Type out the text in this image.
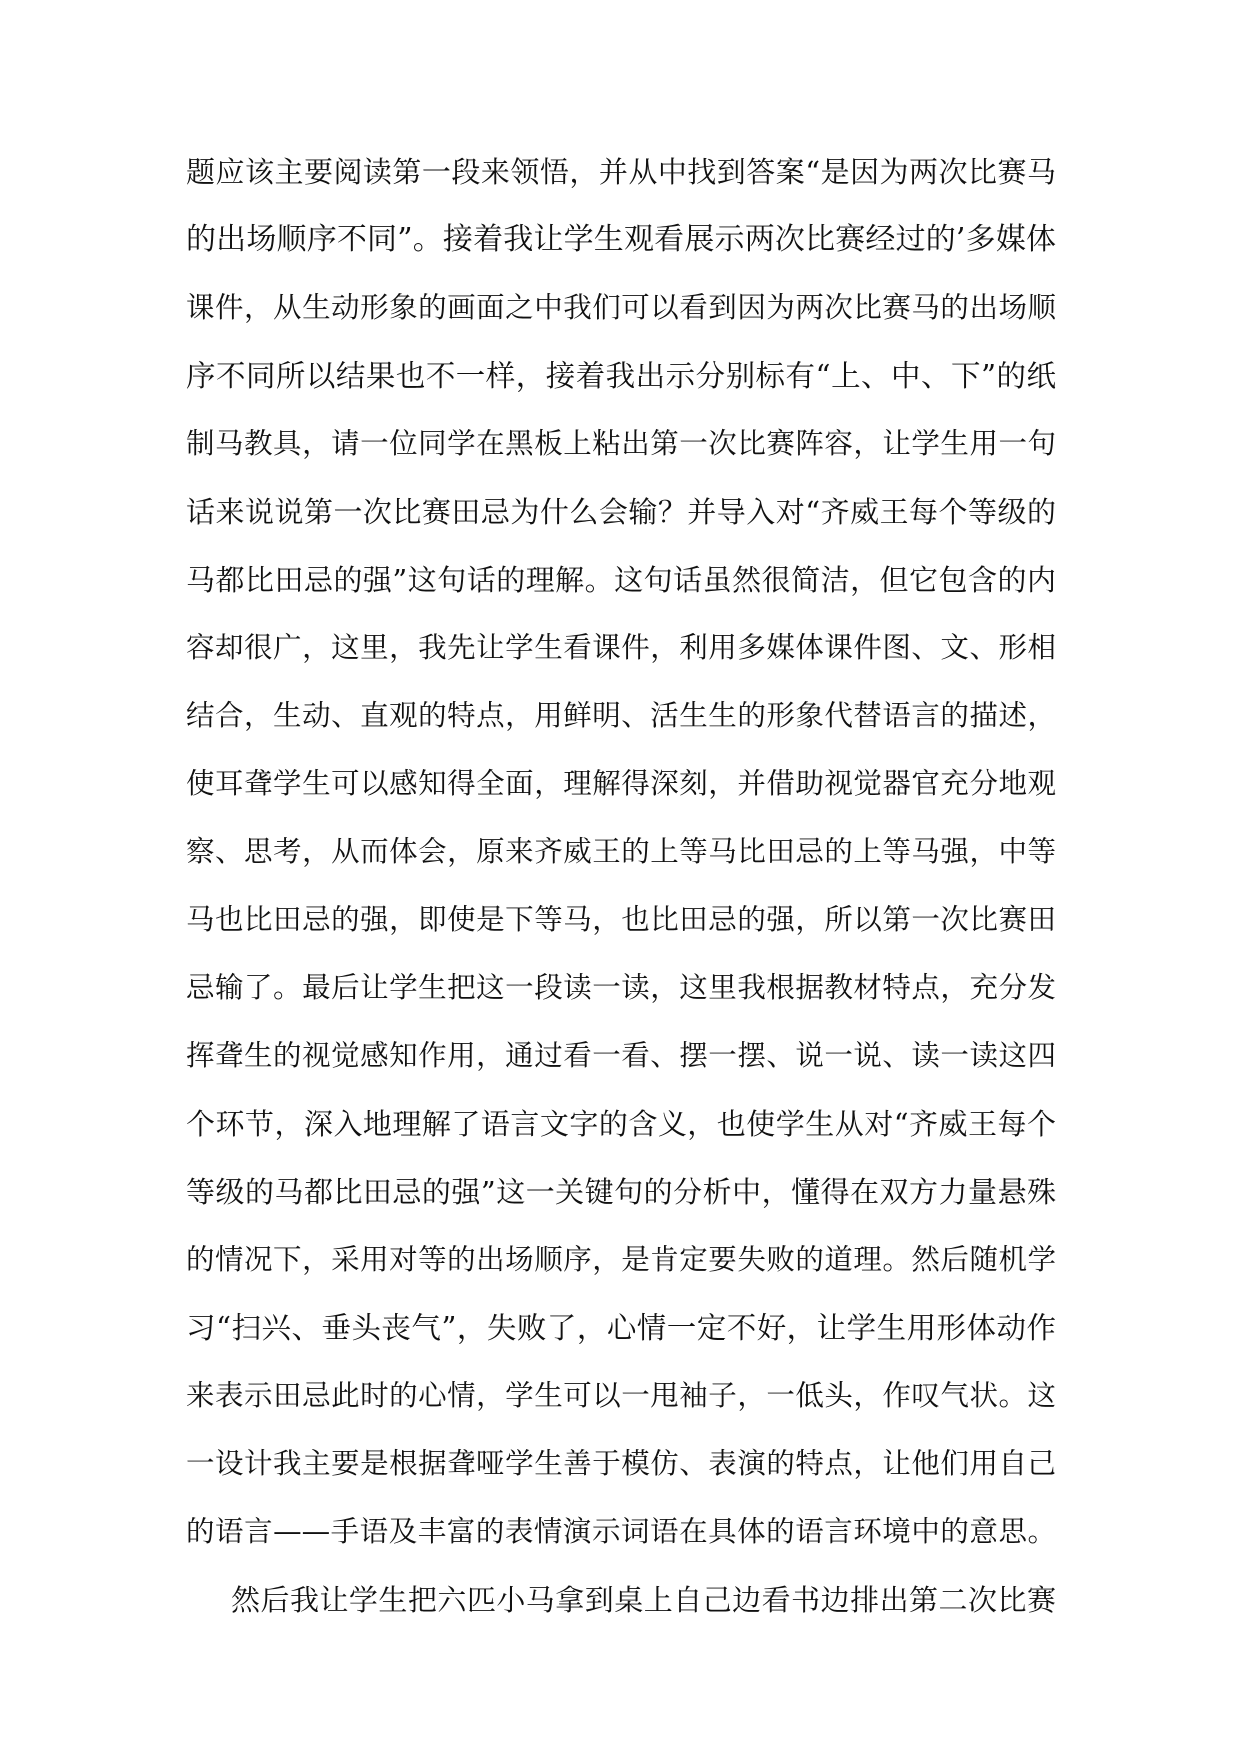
题应该主要阅读第一段来领悟，并从中找到答案“是因为两次比赛马
的出场顺序不同”。接着我让学生观看展示两次比赛经过的’多媒体
课件，从生动形象的画面之中我们可以看到因为两次比赛马的出场顺
序不同所以结果也不一样，接着我出示分别标有“上、中、下”的纸
制马教具，请一位同学在黑板上粘出第一次比赛阵容，让学生用一句
话来说说第一次比赛田忌为什么会输？并导入对“齐威王每个等级的
马都比田忌的强”这句话的理解。这句话虽然很简洁，但它包含的内
容却很广，这里，我先让学生看课件，利用多媒体课件图、文、形相
结合，生动、直观的特点，用鲜明、活生生的形象代替语言的描述，
使耳聋学生可以感知得全面，理解得深刻，并借助视觉器官充分地观
察、思考，从而体会，原来齐威王的上等马比田忌的上等马强，中等
马也比田忌的强，即使是下等马，也比田忌的强，所以第一次比赛田
忌输了。最后让学生把这一段读一读，这里我根据教材特点，充分发
挥聋生的视觉感知作用，通过看一看、摆一摆、说一说、读一读这四
个环节，深入地理解了语言文字的含义，也使学生从对“齐威王每个
等级的马都比田忌的强”这一关键句的分析中，懂得在双方力量悬殊
的情况下，采用对等的出场顺序，是肯定要失败的道理。然后随机学
习“扫兴、垂头丧气”，失败了，心情一定不好，让学生用形体动作
来表示田忌此时的心情，学生可以一甩袖子，一低头，作叹气状。这
一设计我主要是根据聋哑学生善于模仿、表演的特点，让他们用自己
的语言——手语及丰富的表情演示词语在具体的语言环境中的意思。
然后我让学生把六匹小马拿到桌上自己边看书边排出第二次比赛
